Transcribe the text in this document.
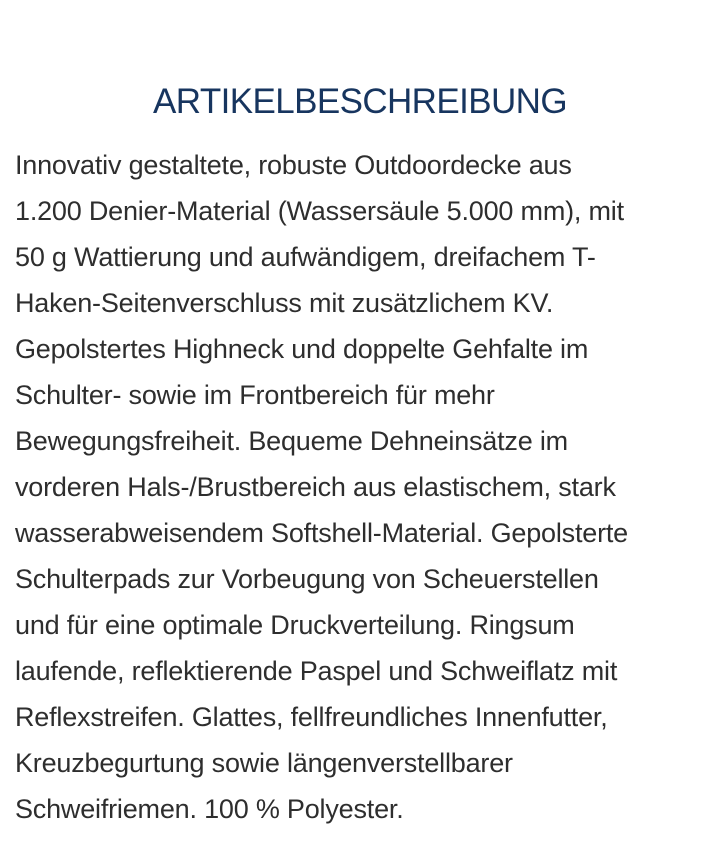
ARTIKELBESCHREIBUNG

Innovativ gestaltete, robuste Outdoordecke aus
1.200 Denier-Material (Wassersäule 5.000 mm), mit
50 g Wattierung und aufwändigem, dreifachem T-
Haken-Seitenverschluss mit zusätzlichem KV.
Gepolstertes Highneck und doppelte Gehfalte im
Schulter- sowie im Frontbereich für mehr
Bewegungsfreiheit. Bequeme Dehneinsätze im
vorderen Hals-/Brustbereich aus elastischem, stark
wasserabweisendem Softshell-Material. Gepolsterte
Schulterpads zur Vorbeugung von Scheuerstellen
und für eine optimale Druckverteilung. Ringsum
laufende, reflektierende Paspel und Schweiflatz mit
Reflexstreifen. Glattes, fellfreundliches Innenfutter,
Kreuzbegurtung sowie längenverstellbarer
Schweifriemen. 100 % Polyester.
